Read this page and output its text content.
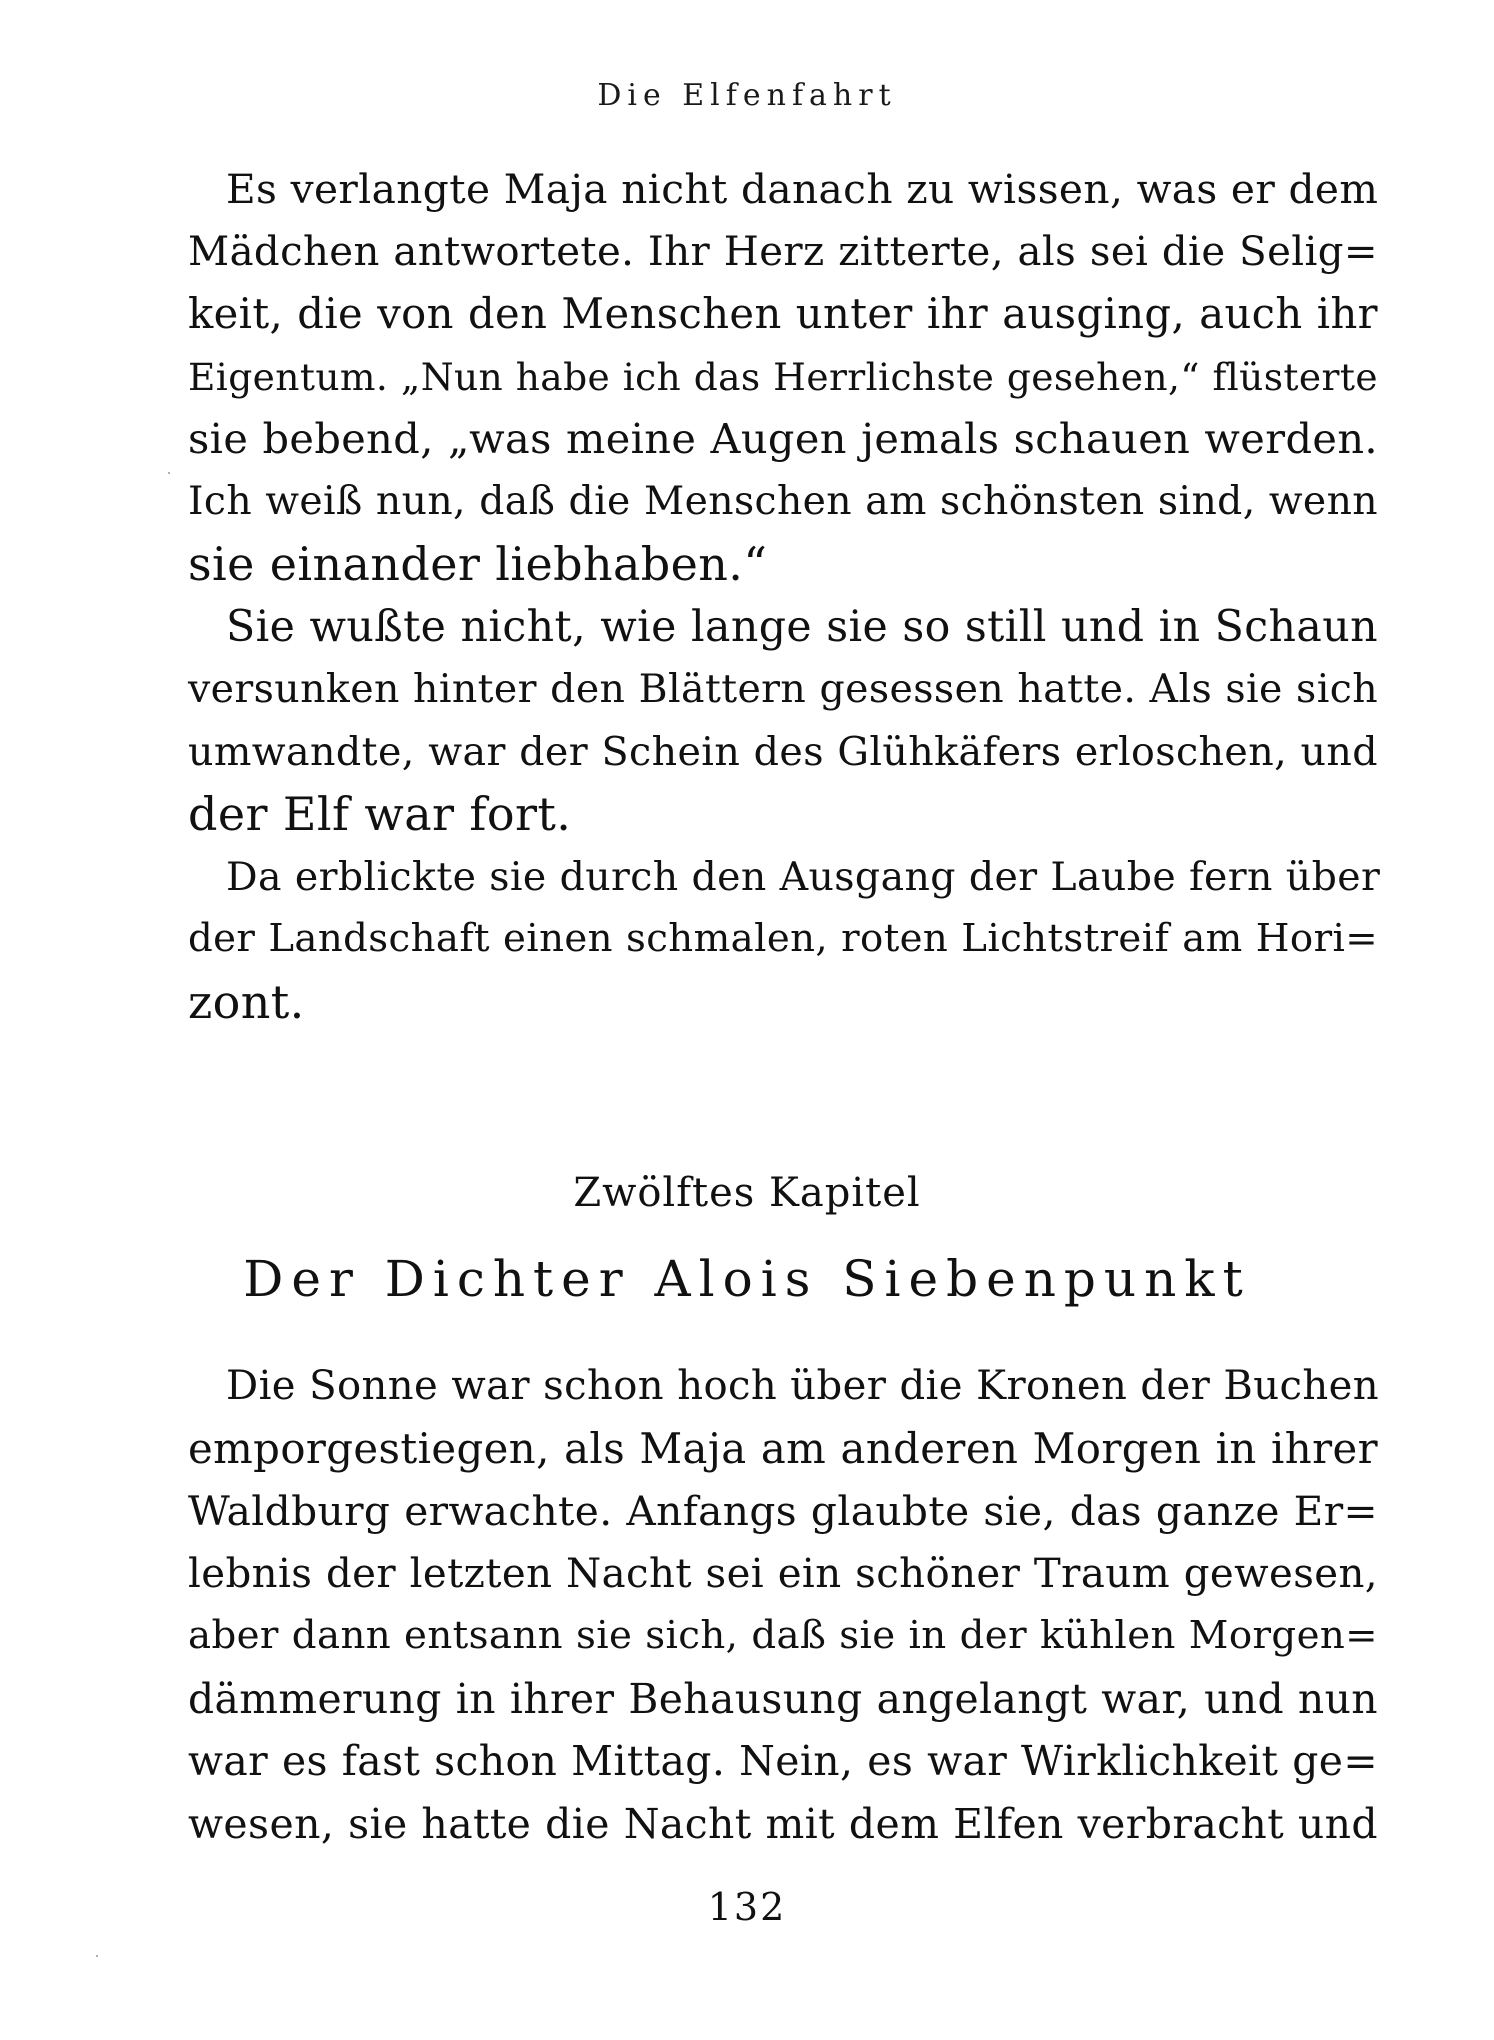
Die Elfenfahrt

Es verlangte Maja nicht danach zu wissen, was er dem
Mädchen antwortete. Ihr Herz zitterte, als sei die Selig=
keit, die von den Menschen unter ihr ausging, auch ihr
Eigentum. „Nun habe ich das Herrlichste gesehen,“ flüsterte
sie bebend, „was meine Augen jemals schauen werden.
Ich weiß nun, daß die Menschen am schönsten sind, wenn
sie einander liebhaben.“

Sie wußte nicht, wie lange sie so still und in Schaun
versunken hinter den Blättern gesessen hatte. Als sie sich
umwandte, war der Schein des Glühkäfers erloschen, und
der Elf war fort.

Da erblickte sie durch den Ausgang der Laube fern über
der Landschaft einen schmalen, roten Lichtstreif am Hori=
zont.

Zwölftes Kapitel
Der Dichter Alois Siebenpunkt

Die Sonne war schon hoch über die Kronen der Buchen
emporgestiegen, als Maja am anderen Morgen in ihrer
Waldburg erwachte. Anfangs glaubte sie, das ganze Er=
lebnis der letzten Nacht sei ein schöner Traum gewesen,
aber dann entsann sie sich, daß sie in der kühlen Morgen=
dämmerung in ihrer Behausung angelangt war, und nun
war es fast schon Mittag. Nein, es war Wirklichkeit ge=
wesen, sie hatte die Nacht mit dem Elfen verbracht und

132
